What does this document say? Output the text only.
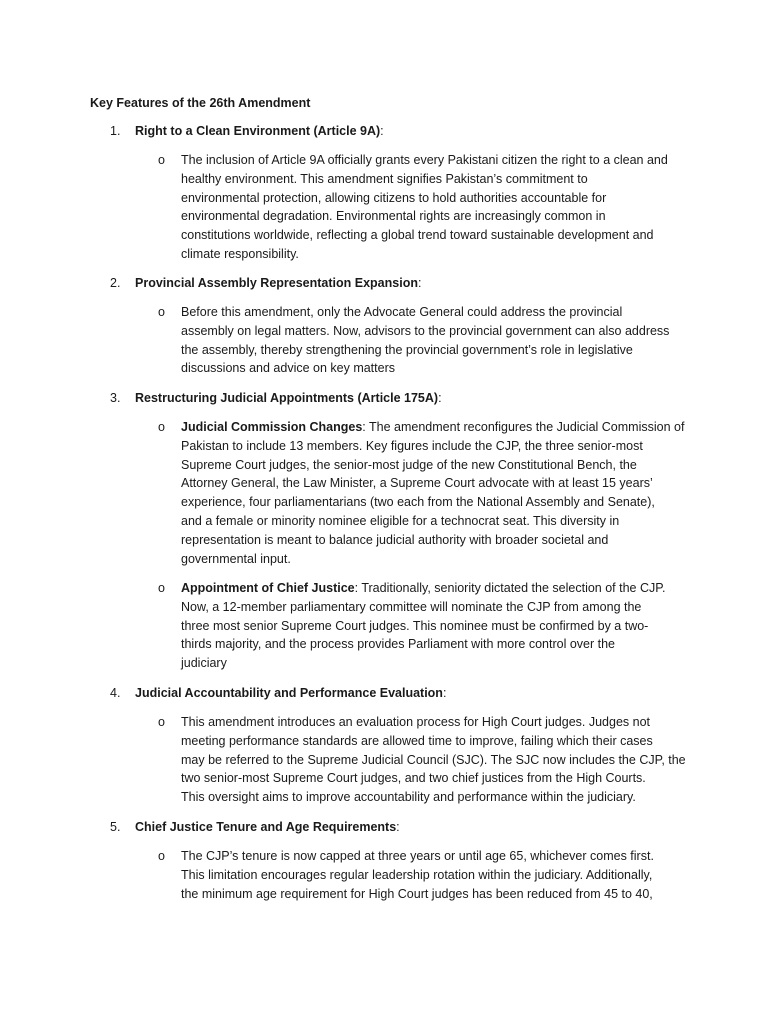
Key Features of the 26th Amendment
1. Right to a Clean Environment (Article 9A):
o	The inclusion of Article 9A officially grants every Pakistani citizen the right to a clean and
healthy environment. This amendment signifies Pakistan’s commitment to
environmental protection, allowing citizens to hold authorities accountable for
environmental degradation. Environmental rights are increasingly common in
constitutions worldwide, reflecting a global trend toward sustainable development and
climate responsibility.
2. Provincial Assembly Representation Expansion:
o	Before this amendment, only the Advocate General could address the provincial
assembly on legal matters. Now, advisors to the provincial government can also address
the assembly, thereby strengthening the provincial government’s role in legislative
discussions and advice on key matters
3. Restructuring Judicial Appointments (Article 175A):
o	Judicial Commission Changes: The amendment reconfigures the Judicial Commission of
Pakistan to include 13 members. Key figures include the CJP, the three senior-most
Supreme Court judges, the senior-most judge of the new Constitutional Bench, the
Attorney General, the Law Minister, a Supreme Court advocate with at least 15 years’
experience, four parliamentarians (two each from the National Assembly and Senate),
and a female or minority nominee eligible for a technocrat seat. This diversity in
representation is meant to balance judicial authority with broader societal and
governmental input.
o	Appointment of Chief Justice: Traditionally, seniority dictated the selection of the CJP.
Now, a 12-member parliamentary committee will nominate the CJP from among the
three most senior Supreme Court judges. This nominee must be confirmed by a two-
thirds majority, and the process provides Parliament with more control over the
judiciary
4. Judicial Accountability and Performance Evaluation:
o	This amendment introduces an evaluation process for High Court judges. Judges not
meeting performance standards are allowed time to improve, failing which their cases
may be referred to the Supreme Judicial Council (SJC). The SJC now includes the CJP, the
two senior-most Supreme Court judges, and two chief justices from the High Courts.
This oversight aims to improve accountability and performance within the judiciary.
5. Chief Justice Tenure and Age Requirements:
o	The CJP’s tenure is now capped at three years or until age 65, whichever comes first.
This limitation encourages regular leadership rotation within the judiciary. Additionally,
the minimum age requirement for High Court judges has been reduced from 45 to 40,
